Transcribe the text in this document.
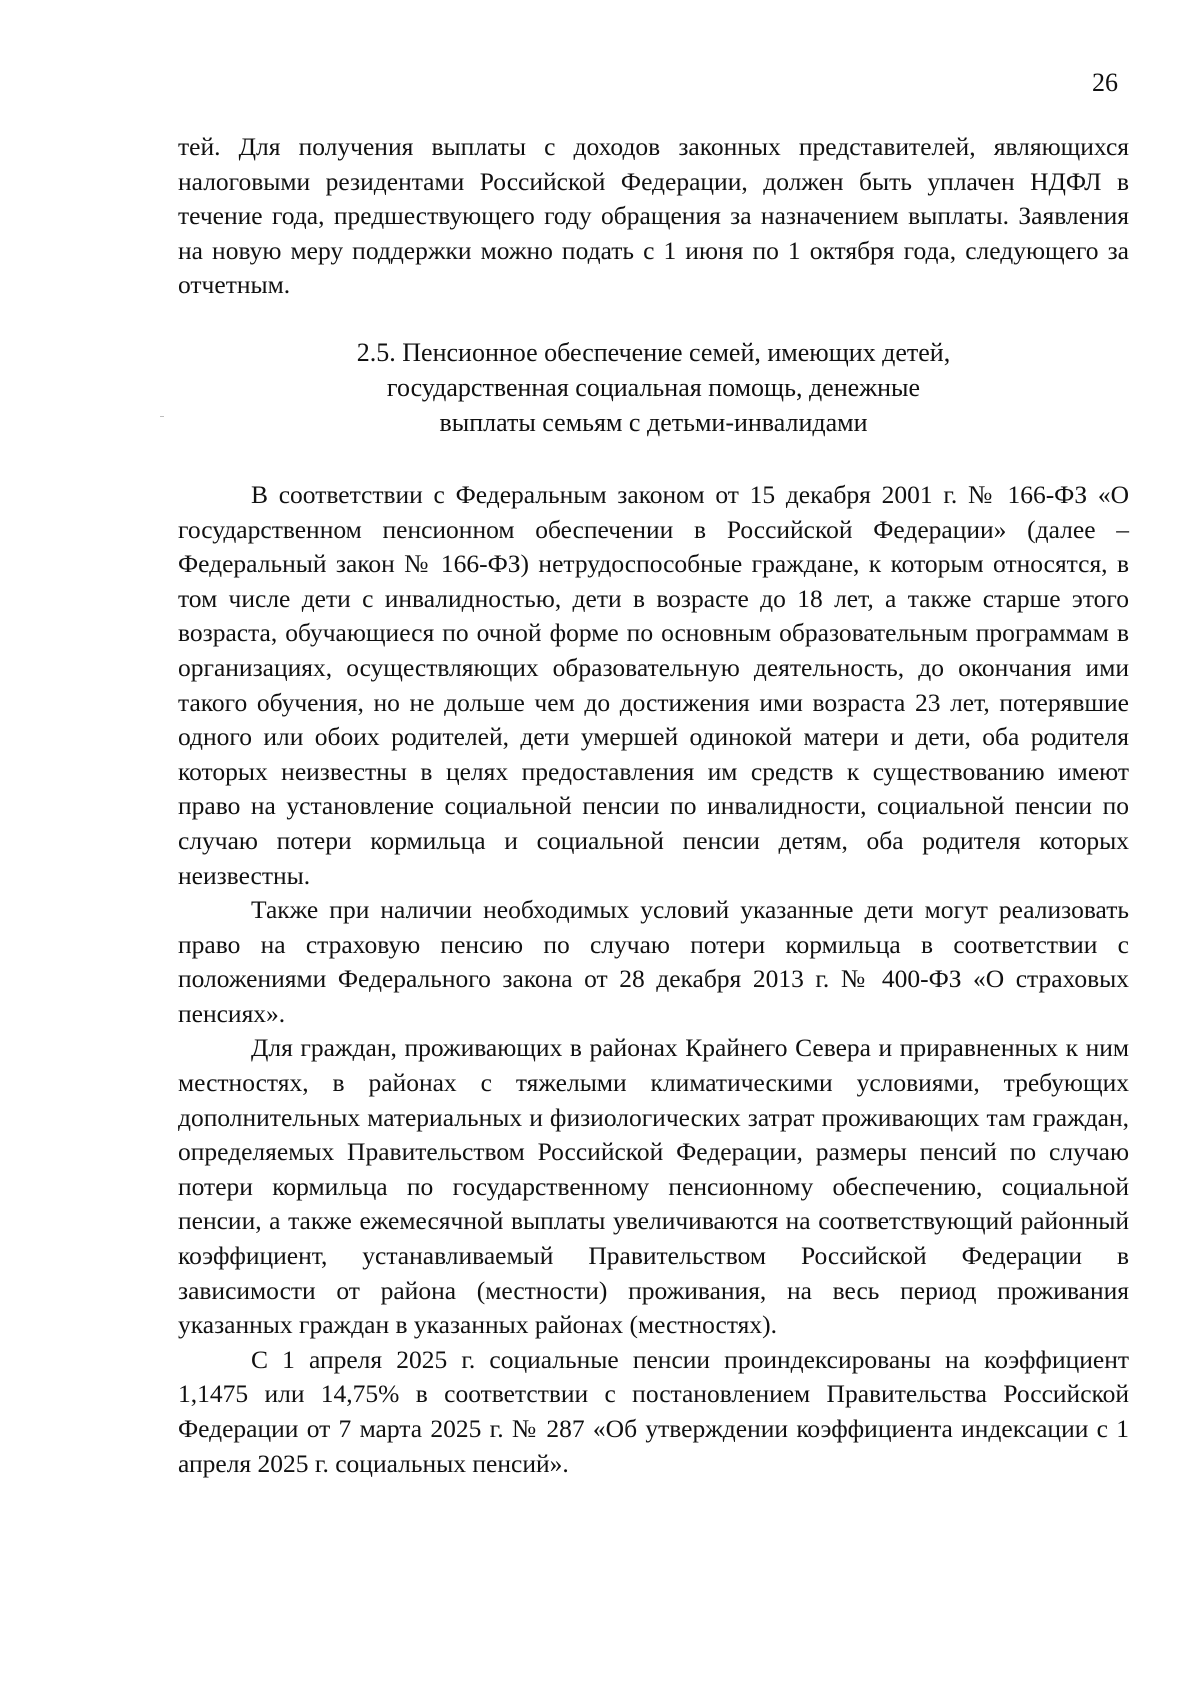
26

тей. Для получения выплаты с доходов законных представителей, являющихся налоговыми резидентами Российской Федерации, должен быть уплачен НДФЛ в течение года, предшествующего году обращения за назначением выплаты. Заявления на новую меру поддержки можно подать с 1 июня по 1 октября года, следующего за отчетным.

2.5. Пенсионное обеспечение семей, имеющих детей,
государственная социальная помощь, денежные
выплаты семьям с детьми-инвалидами

В соответствии с Федеральным законом от 15 декабря 2001 г. № 166-ФЗ «О государственном пенсионном обеспечении в Российской Федерации» (далее – Федеральный закон № 166-ФЗ) нетрудоспособные граждане, к которым относятся, в том числе дети с инвалидностью, дети в возрасте до 18 лет, а также старше этого возраста, обучающиеся по очной форме по основным образовательным программам в организациях, осуществляющих образовательную деятельность, до окончания ими такого обучения, но не дольше чем до достижения ими возраста 23 лет, потерявшие одного или обоих родителей, дети умершей одинокой матери и дети, оба родителя которых неизвестны в целях предоставления им средств к существованию имеют право на установление социальной пенсии по инвалидности, социальной пенсии по случаю потери кормильца и социальной пенсии детям, оба родителя которых неизвестны.

Также при наличии необходимых условий указанные дети могут реализовать право на страховую пенсию по случаю потери кормильца в соответствии с положениями Федерального закона от 28 декабря 2013 г. № 400-ФЗ «О страховых пенсиях».

Для граждан, проживающих в районах Крайнего Севера и приравненных к ним местностях, в районах с тяжелыми климатическими условиями, требующих дополнительных материальных и физиологических затрат проживающих там граждан, определяемых Правительством Российской Федерации, размеры пенсий по случаю потери кормильца по государственному пенсионному обеспечению, социальной пенсии, а также ежемесячной выплаты увеличиваются на соответствующий районный коэффициент, устанавливаемый Правительством Российской Федерации в зависимости от района (местности) проживания, на весь период проживания указанных граждан в указанных районах (местностях).

С 1 апреля 2025 г. социальные пенсии проиндексированы на коэффициент 1,1475 или 14,75% в соответствии с постановлением Правительства Российской Федерации от 7 марта 2025 г. № 287 «Об утверждении коэффициента индексации с 1 апреля 2025 г. социальных пенсий».
